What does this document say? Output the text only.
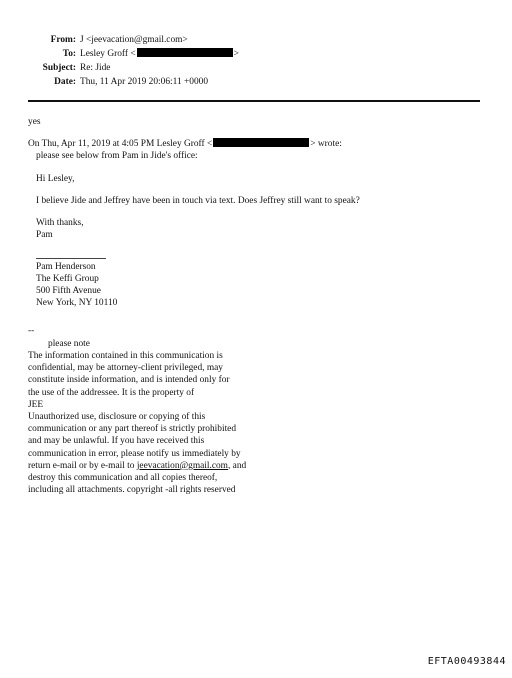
From: J <jeevacation@gmail.com>
To: Lesley Groff <	>
Subject: Re: Jide
Date: Thu, 11 Apr 2019 20:06:11 +0000

yes

On Thu, Apr 11, 2019 at 4:05 PM Lesley Groff <	> wrote:

please see below from Pam in Jide's office:

Hi Lesley,

I believe Jide and Jeffrey have been in touch via text. Does Jeffrey still want to speak?

With thanks,

Pam

Pam Henderson

The Keffi Group

500 Fifth Avenue

New York, NY 10110

--

please note

The information contained in this communication is

confidential, may be attorney-client privileged, may

constitute inside information, and is intended only for

the use of the addressee. It is the property of

JEE

Unauthorized use, disclosure or copying of this

communication or any part thereof is strictly prohibited

and may be unlawful. If you have received this

communication in error, please notify us immediately by

return e-mail or by e-mail to jeevacation@gmail.com, and

destroy this communication and all copies thereof,

including all attachments. copyright -all rights reserved

EFTA00493844
